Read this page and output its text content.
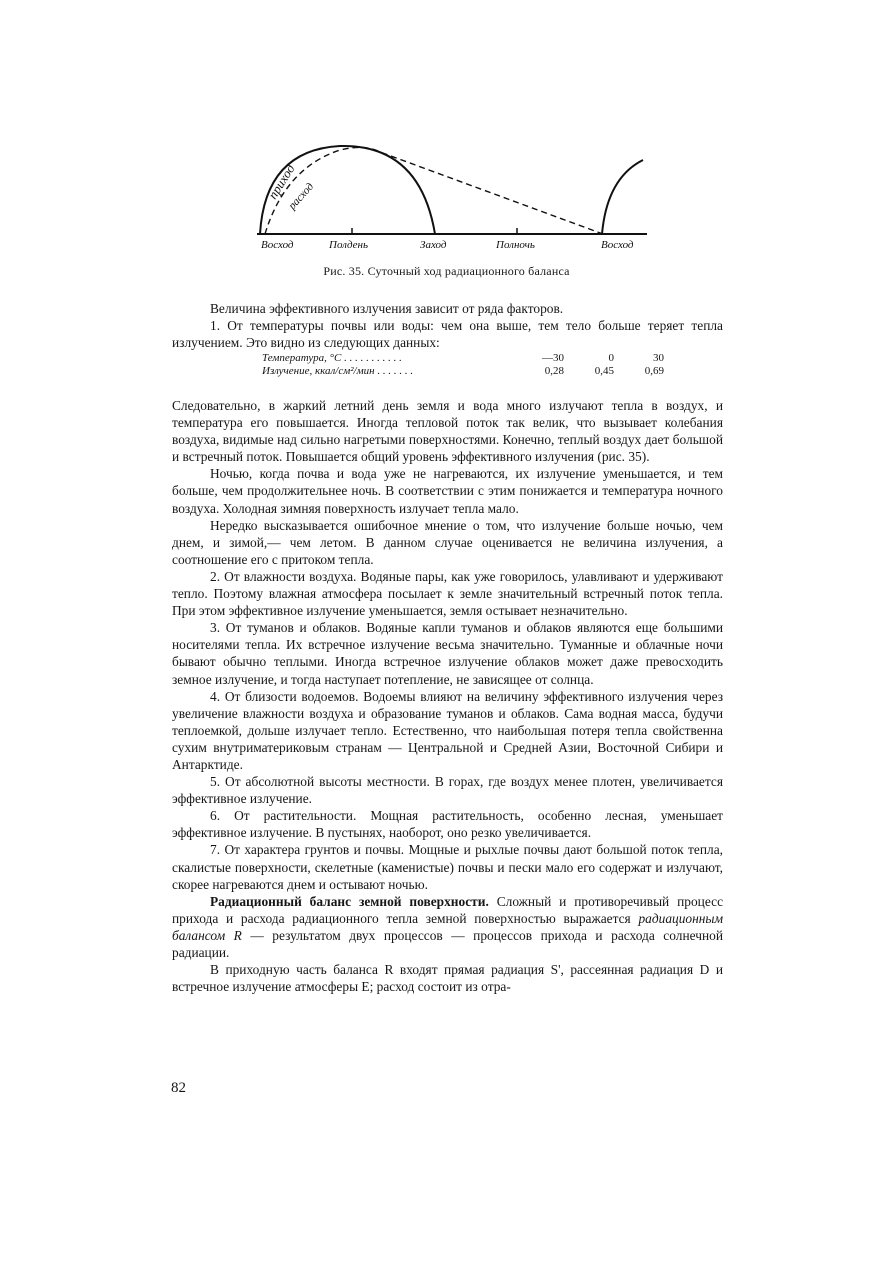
приход
расход
Восход	Полдень	Заход	Полночь	Восход
Рис. 35. Суточный ход радиационного баланса

Величина эффективного излучения зависит от ряда факторов.

1. От температуры почвы или воды: чем она выше, тем тело больше теряет тепла излучением. Это видно из следующих данных:

Температура, °С . . . . . . . . . . .	—30	0	30
Излучение, ккал/см²/мин . . . . . . .	0,28	0,45	0,69

Следовательно, в жаркий летний день земля и вода много излучают тепла в воздух, и температура его повышается. Иногда тепловой поток так велик, что вызывает колебания воздуха, видимые над сильно нагретыми поверхностями. Конечно, теплый воздух дает большой и встречный поток. Повышается общий уровень эффективного излучения (рис. 35).

Ночью, когда почва и вода уже не нагреваются, их излучение уменьшается, и тем больше, чем продолжительнее ночь. В соответствии с этим понижается и температура ночного воздуха. Холодная зимняя поверхность излучает тепла мало.

Нередко высказывается ошибочное мнение о том, что излучение больше ночью, чем днем, и зимой,— чем летом. В данном случае оценивается не величина излучения, а соотношение его с притоком тепла.

2. От влажности воздуха. Водяные пары, как уже говорилось, улавливают и удерживают тепло. Поэтому влажная атмосфера посылает к земле значительный встречный поток тепла. При этом эффективное излучение уменьшается, земля остывает незначительно.

3. От туманов и облаков. Водяные капли туманов и облаков являются еще большими носителями тепла. Их встречное излучение весьма значительно. Туманные и облачные ночи бывают обычно теплыми. Иногда встречное излучение облаков может даже превосходить земное излучение, и тогда наступает потепление, не зависящее от солнца.

4. От близости водоемов. Водоемы влияют на величину эффективного излучения через увеличение влажности воздуха и образование туманов и облаков. Сама водная масса, будучи теплоемкой, дольше излучает тепло. Естественно, что наибольшая потеря тепла свойственна сухим внутриматериковым странам — Центральной и Средней Азии, Восточной Сибири и Антарктиде.

5. От абсолютной высоты местности. В горах, где воздух менее плотен, увеличивается эффективное излучение.

6. От растительности. Мощная растительность, особенно лесная, уменьшает эффективное излучение. В пустынях, наоборот, оно резко увеличивается.

7. От характера грунтов и почвы. Мощные и рыхлые почвы дают большой поток тепла, скалистые поверхности, скелетные (каменистые) почвы и пески мало его содержат и излучают, скорее нагреваются днем и остывают ночью.

Радиационный баланс земной поверхности. Сложный и противоречивый процесс прихода и расхода радиационного тепла земной поверхностью выражается радиационным балансом R — результатом двух процессов — процессов прихода и расхода солнечной радиации.

В приходную часть баланса R входят прямая радиация S', рассеянная радиация D и встречное излучение атмосферы E; расход состоит из отра-

82
